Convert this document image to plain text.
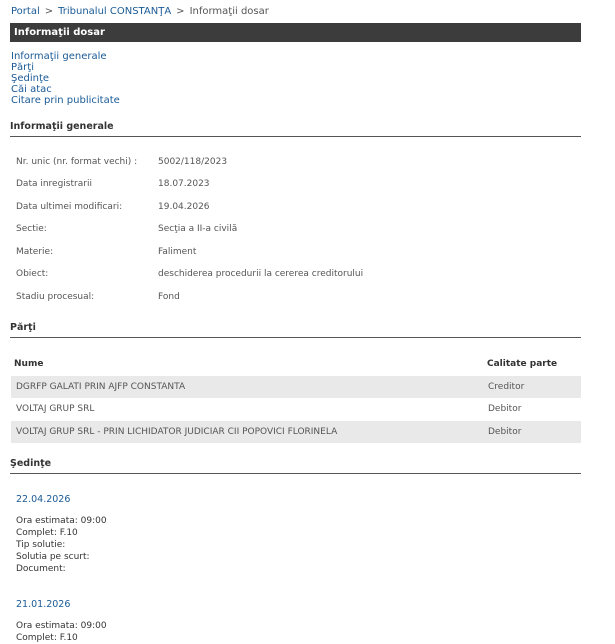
Portal > Tribunalul CONSTANŢA > Informaţii dosar
Informaţii dosar
Informaţii generale
Părţi
Şedinţe
Căi atac
Citare prin publicitate
Informaţii generale
Nr. unic (nr. format vechi) : 5002/118/2023
Data inregistrarii	18.07.2023
Data ultimei modificari:	19.04.2026
Sectie:	Secţia a II-a civilă
Materie:	Faliment
Obiect:	deschiderea procedurii la cererea creditorului
Stadiu procesual:	Fond
Părţi
Nume	Calitate parte
DGRFP GALATI PRIN AJFP CONSTANTA	Creditor
VOLTAJ GRUP SRL	Debitor
VOLTAJ GRUP SRL - PRIN LICHIDATOR JUDICIAR CII POPOVICI FLORINELA	Debitor
Şedinţe
22.04.2026
Ora estimata: 09:00
Complet: F.10
Tip solutie:
Solutia pe scurt:
Document:
21.01.2026
Ora estimata: 09:00
Complet: F.10
